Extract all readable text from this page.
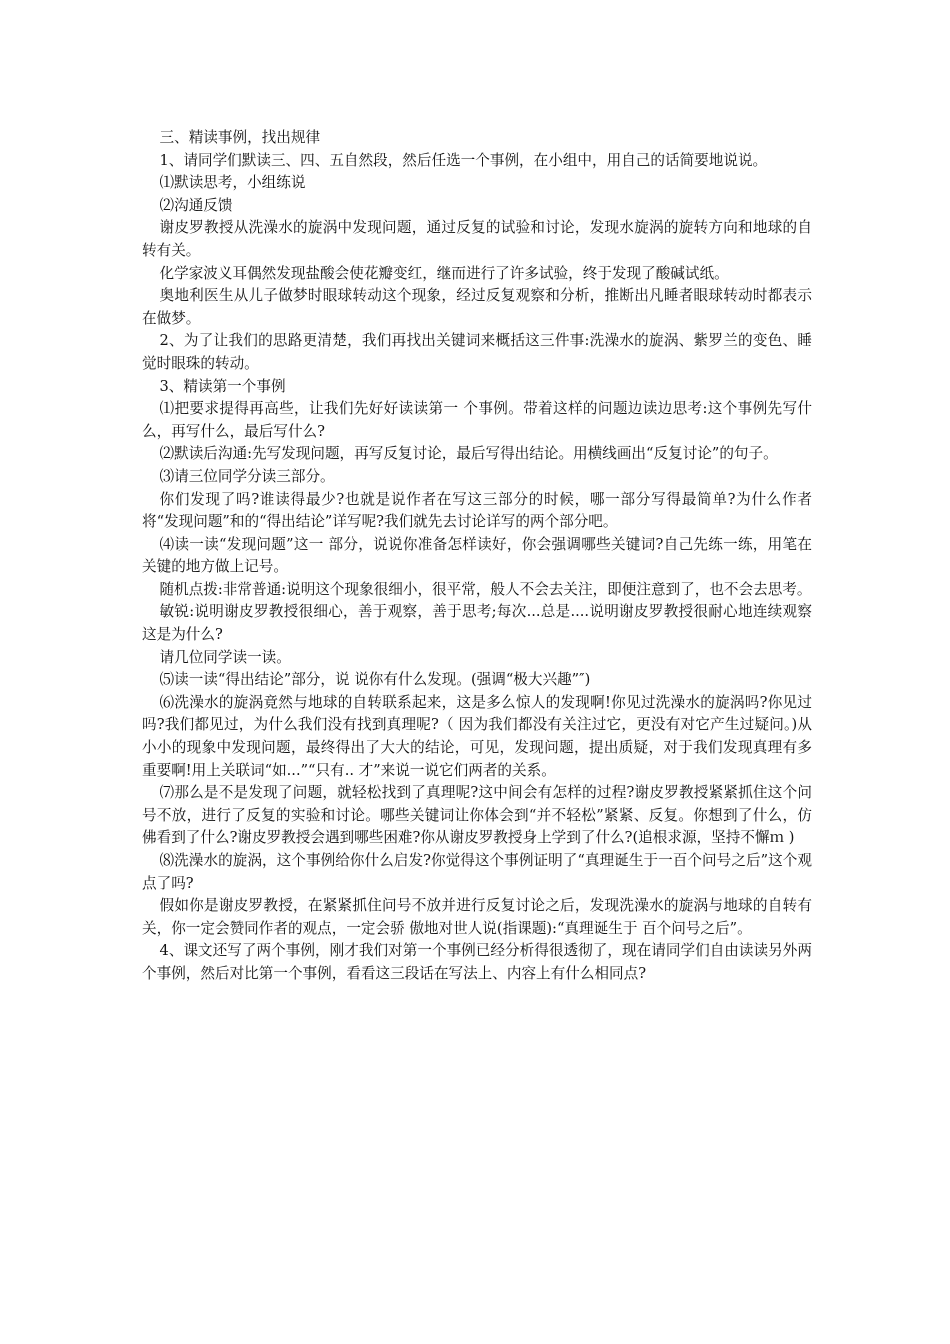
三、精读事例，找出规律

1、请同学们默读三、四、五自然段，然后任选一个事例，在小组中，用自己的话简要地说说。

⑴默读思考，小组练说

⑵沟通反馈

谢皮罗教授从洗澡水的旋涡中发现问题，通过反复的试验和讨论，发现水旋涡的旋转方向和地球的自转有关。

化学家波义耳偶然发现盐酸会使花瓣变红，继而进行了许多试验，终于发现了酸碱试纸。

奥地利医生从儿子做梦时眼球转动这个现象，经过反复观察和分析，推断出凡睡者眼球转动时都表示在做梦。

2、为了让我们的思路更清楚，我们再找出关键词来概括这三件事:洗澡水的旋涡、紫罗兰的变色、睡觉时眼珠的转动。

3、精读第一个事例

⑴把要求提得再高些，让我们先好好读读第一 个事例。带着这样的问题边读边思考:这个事例先写什么，再写什么，最后写什么?

⑵默读后沟通:先写发现问题，再写反复讨论，最后写得出结论。用横线画出“反复讨论”的句子。

⑶请三位同学分读三部分。

你们发现了吗?谁读得最少?也就是说作者在写这三部分的时候，哪一部分写得最简单?为什么作者将“发现问题”和的“得出结论”详写呢?我们就先去讨论详写的两个部分吧。

⑷读一读“发现问题”这一 部分，说说你准备怎样读好，你会强调哪些关键词?自己先练一练，用笔在关键的地方做上记号。

随机点拨:非常普通:说明这个现象很细小，很平常，般人不会去关注，即便注意到了，也不会去思考。

敏锐:说明谢皮罗教授很细心，善于观察，善于思考;每次...总是....说明谢皮罗教授很耐心地连续观察这是为什么?

请几位同学读一读。

⑸读一读“得出结论”部分，说 说你有什么发现。(强调“极大兴趣”″)

⑹洗澡水的旋涡竟然与地球的自转联系起来，这是多么惊人的发现啊!你见过洗澡水的旋涡吗?你见过吗?我们都见过，为什么我们没有找到真理呢?（ 因为我们都没有关注过它，更没有对它产生过疑问。)从小小的现象中发现问题，最终得出了大大的结论，可见，发现问题，提出质疑，对于我们发现真理有多重要啊!用上关联词“如...”“只有.. 才”来说一说它们两者的关系。

⑺那么是不是发现了问题，就轻松找到了真理呢?这中间会有怎样的过程?谢皮罗教授紧紧抓住这个问号不放，进行了反复的实验和讨论。哪些关键词让你体会到“并不轻松”紧紧、反复。你想到了什么，仿佛看到了什么?谢皮罗教授会遇到哪些困难?你从谢皮罗教授身上学到了什么?(追根求源，坚持不懈ｍ )

⑻洗澡水的旋涡，这个事例给你什么启发?你觉得这个事例证明了“真理诞生于一百个问号之后”这个观点了吗?

假如你是谢皮罗教授，在紧紧抓住问号不放并进行反复讨论之后，发现洗澡水的旋涡与地球的自转有关，你一定会赞同作者的观点，一定会骄 傲地对世人说(指课题):“真理诞生于 百个问号之后”。

4、课文还写了两个事例，刚才我们对第一个事例已经分析得很透彻了，现在请同学们自由读读另外两个事例，然后对比第一个事例，看看这三段话在写法上、内容上有什么相同点?
